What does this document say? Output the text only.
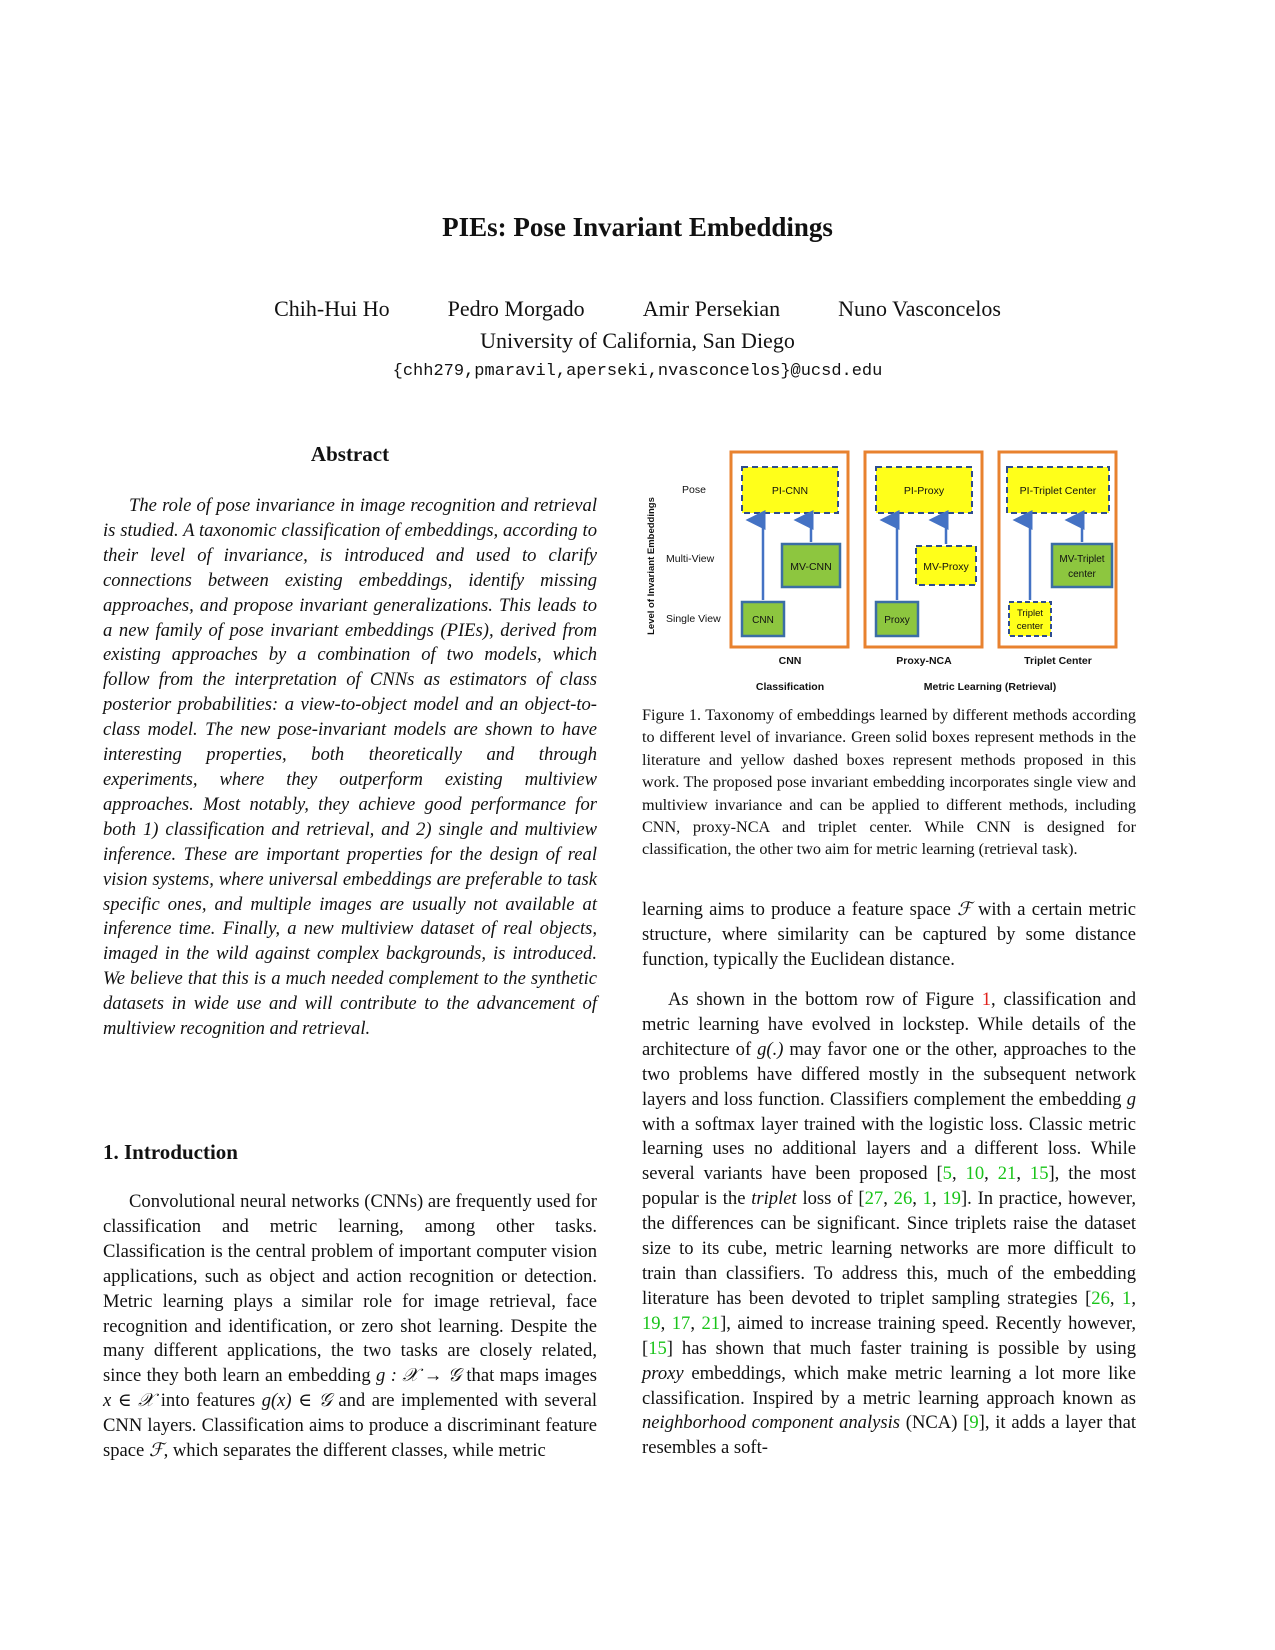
PIEs: Pose Invariant Embeddings
Chih-Hui Ho	Pedro Morgado	Amir Persekian	Nuno Vasconcelos
University of California, San Diego
{chh279,pmaravil,aperseki,nvasconcelos}@ucsd.edu
Abstract
The role of pose invariance in image recognition and retrieval is studied. A taxonomic classification of embeddings, according to their level of invariance, is introduced and used to clarify connections between existing embeddings, identify missing approaches, and propose invariant generalizations. This leads to a new family of pose invariant embeddings (PIEs), derived from existing approaches by a combination of two models, which follow from the interpretation of CNNs as estimators of class posterior probabilities: a view-to-object model and an object-to-class model. The new pose-invariant models are shown to have interesting properties, both theoretically and through experiments, where they outperform existing multiview approaches. Most notably, they achieve good performance for both 1) classification and retrieval, and 2) single and multiview inference. These are important properties for the design of real vision systems, where universal embeddings are preferable to task specific ones, and multiple images are usually not available at inference time. Finally, a new multiview dataset of real objects, imaged in the wild against complex backgrounds, is introduced. We believe that this is a much needed complement to the synthetic datasets in wide use and will contribute to the advancement of multiview recognition and retrieval.
1. Introduction
Convolutional neural networks (CNNs) are frequently used for classification and metric learning, among other tasks. Classification is the central problem of important computer vision applications, such as object and action recognition or detection. Metric learning plays a similar role for image retrieval, face recognition and identification, or zero shot learning. Despite the many different applications, the two tasks are closely related, since they both learn an embedding g : 𝒳 → 𝒢 that maps images x ∈ 𝒳 into features g(x) ∈ 𝒢 and are implemented with several CNN layers. Classification aims to produce a discriminant feature space ℱ, which separates the different classes, while metric
Level of Invariant Embeddings
Pose
Multi-View
Single View
PI-CNN
MV-CNN
CNN
PI-Proxy
MV-Proxy
Proxy
PI-Triplet Center
MV-Triplet
center
Triplet
center
CNN	Proxy-NCA	Triplet Center
Classification	Metric Learning (Retrieval)
Figure 1. Taxonomy of embeddings learned by different methods according to different level of invariance. Green solid boxes represent methods in the literature and yellow dashed boxes represent methods proposed in this work. The proposed pose invariant embedding incorporates single view and multiview invariance and can be applied to different methods, including CNN, proxy-NCA and triplet center. While CNN is designed for classification, the other two aim for metric learning (retrieval task).
learning aims to produce a feature space ℱ with a certain metric structure, where similarity can be captured by some distance function, typically the Euclidean distance.
As shown in the bottom row of Figure 1, classification and metric learning have evolved in lockstep. While details of the architecture of g(.) may favor one or the other, approaches to the two problems have differed mostly in the subsequent network layers and loss function. Classifiers complement the embedding g with a softmax layer trained with the logistic loss. Classic metric learning uses no additional layers and a different loss. While several variants have been proposed [5, 10, 21, 15], the most popular is the triplet loss of [27, 26, 1, 19]. In practice, however, the differences can be significant. Since triplets raise the dataset size to its cube, metric learning networks are more difficult to train than classifiers. To address this, much of the embedding literature has been devoted to triplet sampling strategies [26, 1, 19, 17, 21], aimed to increase training speed. Recently however, [15] has shown that much faster training is possible by using proxy embeddings, which make metric learning a lot more like classification. Inspired by a metric learning approach known as neighborhood component analysis (NCA) [9], it adds a layer that resembles a soft-
